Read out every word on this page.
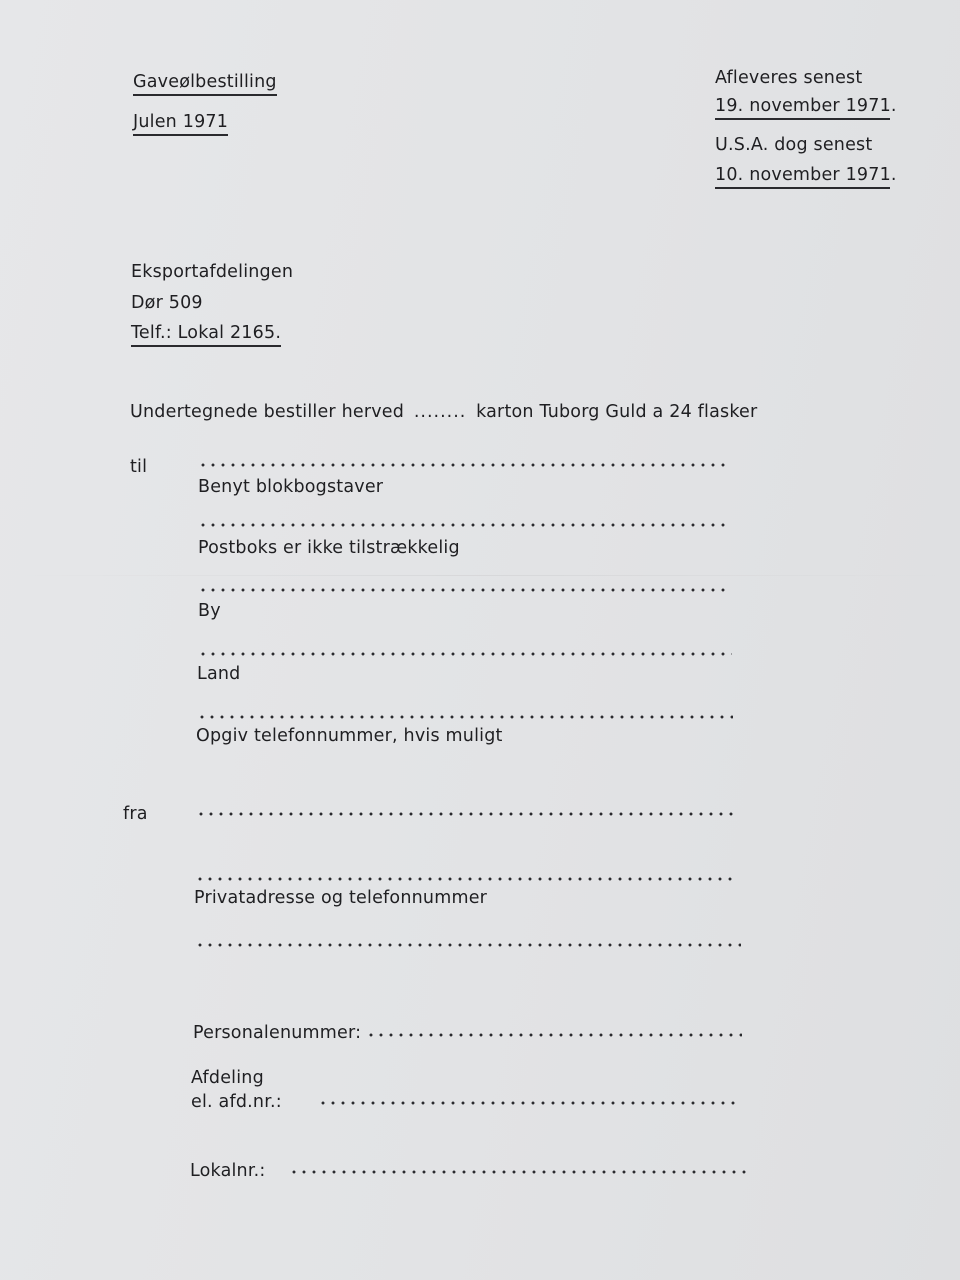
Gaveølbestilling
Julen 1971
Afleveres senest
19. november 1971.
U.S.A. dog senest
10. november 1971.
Eksportafdelingen
Dør 509
Telf.: Lokal 2165.
Undertegnede bestiller herved ........ karton Tuborg Guld a 24 flasker
til
Benyt blokbogstaver
Postboks er ikke tilstrækkelig
By
Land
Opgiv telefonnummer, hvis muligt
fra
Privatadresse og telefonnummer
Personalenummer:
Afdeling
el. afd.nr.:
Lokalnr.:
